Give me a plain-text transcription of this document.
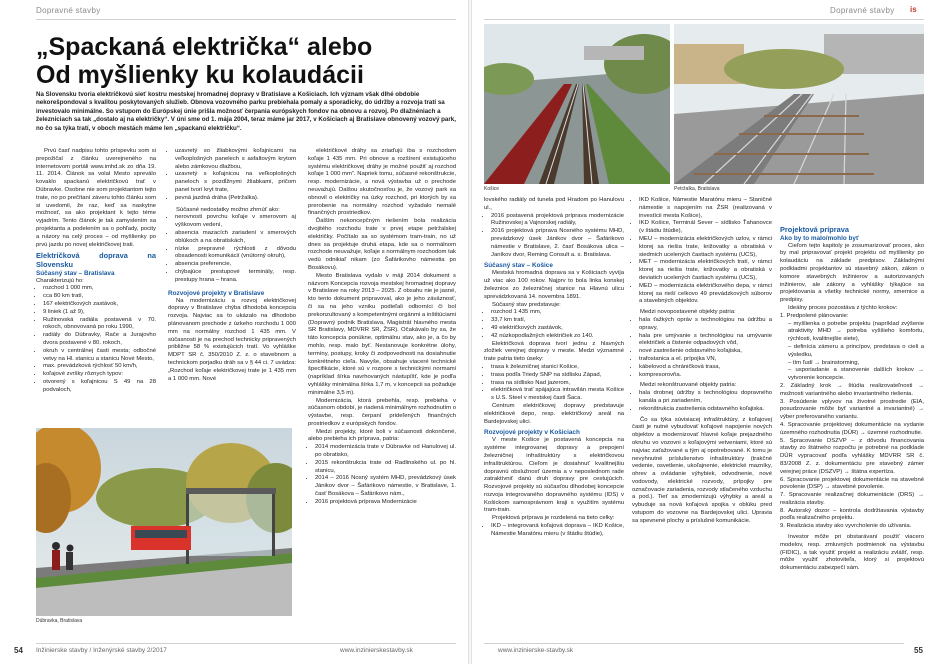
Dopravné stavby
„Spackaná električka“ alebo
Od myšlienky ku kolaudácii

Na Slovensku tvoria električkovú sieť kostru mestskej hromadnej dopravy v Bratislave a Košiciach. Ich význam však dlhé obdobie nekorešpondoval s kvalitou poskytovaných služieb. Obnova vozovného parku prebiehala pomaly a sporadicky, do údržby a rozvoja tratí sa investovalo minimálne. So vstupom do Európskej únie prišla možnosť čerpania európskych fondov na obnovu a rozvoj. Po dlažnéniach a železniciach sa tak „dostalo aj na električky“. V úni sme od 1. mája 2004, teraz máme jar 2017, v Košiciach aj Bratislave obnovený vozový park, no čo sa týka tratí, v oboch mestách máme len „spackanú električku“.

Prvú časť nadpisu tohto príspevku som si prepožičal z článku uverejneného na internetovom portáli www.imhd.sk zo dňa 19. 11. 2014. Článok sa volal Mesto spreválo kovaklo spackanú električkovú trať v Dúbravke. Osobne nie som projektantom tejto trate, no po prečítaní záveru tohto článku som si uvedomil, že raz, keď sa naskytne možnosť, sa ako projektant k tejto téme vyjadrím. Tento článok je tak zamyslením sa projektanta a podelením sa o pohľady, pocity a názory na celý proces – od myšlienky po prvú jazdu po novej električkovej trati.

Električková doprava na Slovensku
Súčasný stav – Bratislava
Charakterizujú ho:
• rozchod 1 000 mm,
• cca 80 km tratí,
• 167 električkových zastávok,
• 9 liniek (1 až 9),
• Ružinovská radiála postavená v 70. rokoch, obnovovaná po roku 1990,
• radiály do Dúbravky, Rače a Jurajovho dvora postavené v 80. rokoch,
• okruh v centrálnej časti mesta; odbočné vetvy na Hl. stanicu a stanicu Nové Mesto,
• max. prevádzková rýchlosť 50 km/h,
• koľajové zvršky rôznych typov:
• otvorený s koľajnicou S 49 na 28 podvaloch,
Dúbravka, Bratislava
• uzavretý so žliabkovými koľajnicami na veľkoplošných panelech s asfaltovým krytom alebo zámkovou dlažbou,
• uzavretý s koľajnicou na veľkoplošných paneloch s pozdĺžnymi žliabkami, pričom panel tvorí kryt trate,
• pevná jazdná dráha (Petržalka).

Súčasné nedostatky možno zhrnúť ako:

• nerovnosti povrchu koľaje v smerovom aj výškovom vedení,
• absencia mazacích zariadení v smerových oblúkoch a na obratiskách,
• nízke prepravné rýchlosti z dôvodu obsadenosti komunikácií (vnútorný okruh),
• absencia preferencie,
• chýbajúce prestupové terminály, resp. prestupy hrana – hrana.
Rozvojové projekty v Bratislave

Na modernizáciu a rozvoj električkovej dopravy v Bratislave chýba dlhodobá koncepcia rozvoja. Najviac sa to ukázalo na dlhodobo plánovanom prechode z úzkeho rozchodu 1 000 mm na normálny rozchod 1 435 mm. V súčasnosti je na prechod technicky pripravených približne 58 % existujúcich tratí. Vo vyhláške MDPT SR č. 350/2010 Z. z. o stavebnom a technickom porjadku dráh sa v § 44 ci. 7 uvádza: „Rozchod koľaje električkovej trate je 1 435 mm a 1 000 mm. Nové

električkové dráhy sa zriaďujú iba s rozchodom koľaje 1 435 mm. Pri obnove a rozšírení existujúceho systému električkovej dráhy je možné použiť aj rozchod koľaje 1 000 mm“. Napriek tomu, súčasné rekonštrukcie, resp. modernizácie, a nová výstavba už o prechode neuvažujú. Dalšou skutočnosťou je, že vozový park sa obnovil o električky na úzky rozchod, pri ktorých by sa prerobenie na normálny rozchod vyžadalo nemalé finančných prostriedkov.

Ďalším nekoncepčným riešením bola realizácia dvojitého rozchodu trate v prvej etape petržalskej električky. Počítalo sa so systémom tram-train, no už dnes sa projektuje druhá etapa, kde sa o normálnom rozchode neuvažuje, koľaje s normálnym rozchodom tak vedú odnikiaľ nikam (zo Šafárikovho námestia po Bosákovu).

Mesto Bratislava vydalo v máji 2014 dokument s názvom Koncepcia rozvoja mestskej hromadnej dopravy v Bratislave na roky 2013 – 2025. Z obsahu nie je jasné, kto tento dokument pripravoval, ako je jeho záväznosť, či sa na jeho vzniku podieľali odborníci či bol prekonzultovaný s kompetentnými orgánmi a inštitúciami (Dopravný podnik Bratislava, Magistrát hlavného mesta SR Bratislavy, MDVRR SR, ŽSR). Očakávalo by sa, že táto koncepcia ponúkne, optimálnu stav, ako je, a čo by mohlo, resp. malo byť. Nestanovuje konkrétne úlohy, termíny, postupy, kroky či zodpovednosti na dosiahnutie konkrétneho cieľa. Navyše, obsahuje viaceré technické špecifikácie, ktoré sú v rozpore s technickými normami (napríklad šírka navrhovaných nástupíšť, kde je podľa vyhlášky minimálna šírka 1,7 m, v koncepcii sa požaduje minimálne 3,5 m).

Modernizácia, ktorá prebehla, resp. prebieha v súčasnom období, je riadená minimálnym rozhodnutím o výstavbe, resp. čerpaní prideľených finančných prostriedkov z európskych fondov.

Medzi projekty, ktoré boli v súčasnosti dokončené, alebo prebieha ich príprava, patria:

• 2014 modernizácia trate v Dúbravke od Hanulovej ul. po obratisko,
• 2015 rekonštrukcia trate od Radlinského ul. po hl. stanicu,
• 2014 – 2016 Nosný systém MHD, prevádzkový úsek Jánikov dvor – Šafárikovo námestie, v Bratislave, 1. časť Bosákova – Šafárikovo nám.,
• 2016 projektová príprava Modernizácie
54 Inžinierske stavby / Inženýrské stavby 2/2017	www.inzinierskestavby.sk
Dopravné stavby is
Košice	Petržalka, Bratislava

lovského radiály od tunela pod Hradom po Hanulovu ul.,

• 2016 postavená projektová príprava modernizácie Ružinovskej a Vajnorskej radiály,
• 2016 projektová príprava Nosného systému MHD, prevádzkový úsek Jánikov dvor – Šafárikovo námestie v Bratislave, 2. časť Bosákova ulica – Janíkov dvor, Reming Consult a. s. Bratislava.
Súčasný stav – Košice

Mestská hromadná doprava sa v Košiciach vyvíja už viac ako 100 rokov. Najprv to bola linka konskej železnice zo železničnej stanice na Hlavnú ulicu sprevádzkovaná 14. novembra 1891.

Súčasný stav predstavuje:

• rozchod 1 435 mm,
• 33,7 km tratí,
• 49 električkových zastávok,
• 42 núzkopodlažných električiek zo 140.

Električková doprava tvorí jednu z hlavných zložiek verejnej dopravy v meste. Medzi významné trate patria tieto úseky:

• trasa k železničnej stanici Košice,
• trasa podľa Triedy SNP na sídlisku Západ,
• trasa na sídlisko Nad jazerom,
• električková trať spájajúca intravilán mesta Košice s U.S. Steel v mestskej časti Šaca.

Centrum električkovej dopravy predstavuje električkové depo, resp. električkový areál na Bardejovskej ulici.

Rozvojové projekty v Košiciach

V meste Košice je postavená koncepcia na systéme integrovanej dopravy a prepojení železničnej infraštruktúry s električkovou infraštruktúrou. Cieľom je dosiahnuť kvalitnejšiu dopravnú obslužnosť územia a v neposlednom rade zatraktívniť danú druh dopravy pre cestujúcich. Rozvojové projekty sú súčasťou dlhodobej koncepcie rozvoja integrovaného dopravného systému (IDS) v Košickom samosprávnom kraji s využitím systému tram-train.

Projektová príprava je rozdelená na tieto celky:

• IKD – integrovaná koľajová doprava – IKD Košice, Námestie Maratónu mieru (v štádiu štúdie),
• IKD Košice, Námestie Maratónu mieru – Staničné námestie s napojením na ŽSR (realizovaná v investícii mesta Košice),
• IKD Košice, Terminál Sever – sídlisko Ťahanovce (v štádiu štúdie),
• MEU – modernizácia električkových uzlov, v rámci ktorej sa riešia trate, križovatky a obratiská v siedmich ucelených častiach systému (UCS),
• MET – modernizácia električkových tratí, v rámci ktorej sa riešia trate, križovatky a obratiská v deviatich ucelených častiach systému (UCS),
• MED – modernizácia električkového depa, v rámci ktorej sa rieší celkovo 49 prevádzkových súborov a stavebných objektov.

Medzi novopostavené objekty patria:

• hala ťažkých opráv s technológiou na údržbu a opravy,
• hala pre umývanie s technológiou na umývanie električiek a čistenie odpadových vôd,
• nové zastrešenie odstavného koľajiska,
• trafostanica a el. prípojka VN,
• kábelovod a chráničková trasa,
• kompresorovňa.

Medzi rekonštruované objekty patria:

• hala drobnej údržby s technológiou dopravného kanála a pri zariadením,
• rekonštrukcia zastrešenia odstavného koľajiska.

Čo sa týka súvisiacej infraštruktúry, z koľajovej časti je nutné vybudovať koľajové napojenie nových objektov a modernizovať hlavné koľaje prejazdného okruhu vo vozovni s koľajovými vetveniami, ktoré sú najviac zaťažované a tým aj opotrebované. K tomu je nevyhnutné príslušenstvo infraštruktúry (trakčné vedenie, osvetlenie, ukoľajnenie, elektrické mazníky, ohrev a ovládanie výhybiek, odvodnenie, nové vodovody, elektrické rozvody, prípojky pre označovacie zariadenia, rozvody stlačeného vzduchu a pod.). Tieť sa zmodernizujú výhybky a areál a vybuduje sa nová koľajová spojka v oblúku pred vstupom do vozovne na Bardejovskej ulici. Upravia sa spevnené plochy a príslušné komunikácie.

Projektová príprava
Ako by to malo/mohlo byť

Cieľom tejto kapitoly je zosumarizovať proces, ako by mal pripravovať projekt projektu od myšlienky po kolaudáciu na základe predpisov. Základnými podkladmi projektantov sú stavebný zákon, zákon o komore stavebných inžinierov a autorizovaných inžinierov, ale zákony a vyhlášky týkajúce sa projektovania a všetky technické normy, smernice a predpisy.

Ideálny proces pozostáva z týchto krokov:

1. Predpolené plánovanie:
– myšlienka o potrebe projektu (napríklad zvýšenie atraktivity MHD → potreba vyššieho komfortu, rýchlosti, kvalitnejšie siete),
– definícia zámeru a princípov, predstava o cieli a výsledku,
– tím ľudí → brainstorming,
– usporiadanie a stanovenie dalších krokov → vytvorenie koncepcie.
2. Základný krok → štúdia realizovateľnosti → možnosti variantného alebo invariantného riešenia.
3. Posúdenie vplyvov na životné prostredie (EIA, posudzovanie môže byť variantné a invariantné) → výber preferovaného variantu.
4. Spracovanie projektovej dokumentácie na vydanie územného rozhodnutia (DÚR) → územné rozhodnutie.
5. Spracovanie DSZVP – z dôvodu financovania stavby zo štátneho rozpočtu je potrebné na podklade DÚR vypracovať podľa vyhlášky MDVRR SR č. 83/2008 Z. z. dokumentáciu pre stavebný zámer verejnej práce (DSZVP) → štátna expertíza.
6. Spracovanie projektovej dokumentácie na stavebné povolenie (DSP) → stavebné povolenie.
7. Spracovanie realizačnej dokumentácie (DRS) → realizácia stavby.
8. Autorský dozor – kontrola dodržiavania výstavby podľa realizačného projektu.
9. Realizácia stavby ako vyvrcholenie do užívania.

Investor môže pri obstarávaní použiť viacero modelov, resp. zmluvných podmienok na výstavbu (FIDIC), a tak využiť projekt a realizáciu zvlášť, resp. môže využiť zhotoviteľa, ktorý si projektovú dokumentáciu zabezpečí sám.

www.inzinierske-stavby.sk	55
